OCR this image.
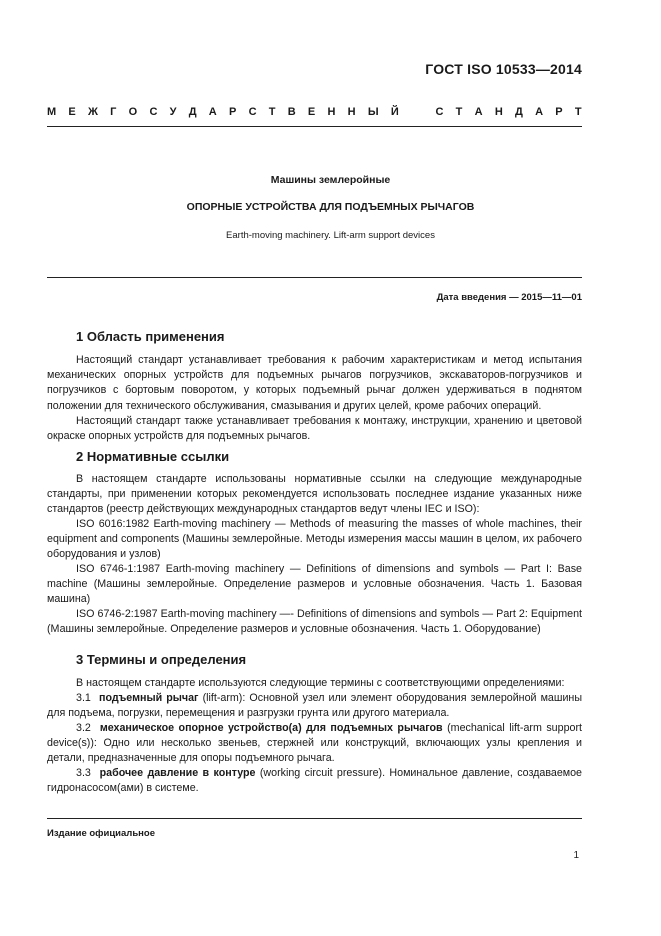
ГОСТ ISO 10533—2014
М Е Ж Г О С У Д А Р С Т В Е Н Н Ы Й	С Т А Н Д А Р Т
Машины землеройные
ОПОРНЫЕ УСТРОЙСТВА ДЛЯ ПОДЪЕМНЫХ РЫЧАГОВ
Earth-moving machinery. Lift-arm support devices
Дата введения — 2015—11—01
1 Область применения
Настоящий стандарт устанавливает требования к рабочим характеристикам и метод испытания механических опорных устройств для подъемных рычагов погрузчиков, экскаваторов-погрузчиков и погрузчиков с бортовым поворотом, у которых подъемный рычаг должен удерживаться в поднятом положении для технического обслуживания, смазывания и других целей, кроме рабочих операций.
Настоящий стандарт также устанавливает требования к монтажу, инструкции, хранению и цветовой окраске опорных устройств для подъемных рычагов.
2 Нормативные ссылки
В настоящем стандарте использованы нормативные ссылки на следующие международные стандарты, при применении которых рекомендуется использовать последнее издание указанных ниже стандартов (реестр действующих международных стандартов ведут члены IEC и ISO):
ISO 6016:1982 Earth-moving machinery — Methods of measuring the masses of whole machines, their equipment and components (Машины землеройные. Методы измерения массы машин в целом, их рабочего оборудования и узлов)
ISO 6746-1:1987 Earth-moving machinery — Definitions of dimensions and symbols — Part I: Base machine (Машины землеройные. Определение размеров и условные обозначения. Часть 1. Базовая машина)
ISO 6746-2:1987 Earth-moving machinery —- Definitions of dimensions and symbols — Part 2: Equipment (Машины землеройные. Определение размеров и условные обозначения. Часть 1. Оборудование)
3 Термины и определения
В настоящем стандарте используются следующие термины с соответствующими определениями:
3.1 подъемный рычаг (lift-arm): Основной узел или элемент оборудования землеройной машины для подъема, погрузки, перемещения и разгрузки грунта или другого материала.
3.2 механическое опорное устройство(а) для подъемных рычагов (mechanical lift-arm support device(s)): Одно или несколько звеньев, стержней или конструкций, включающих узлы крепления и детали, предназначенные для опоры подъемного рычага.
3.3 рабочее давление в контуре (working circuit pressure). Номинальное давление, создаваемое гидронасосом(ами) в системе.
Издание официальное
1
